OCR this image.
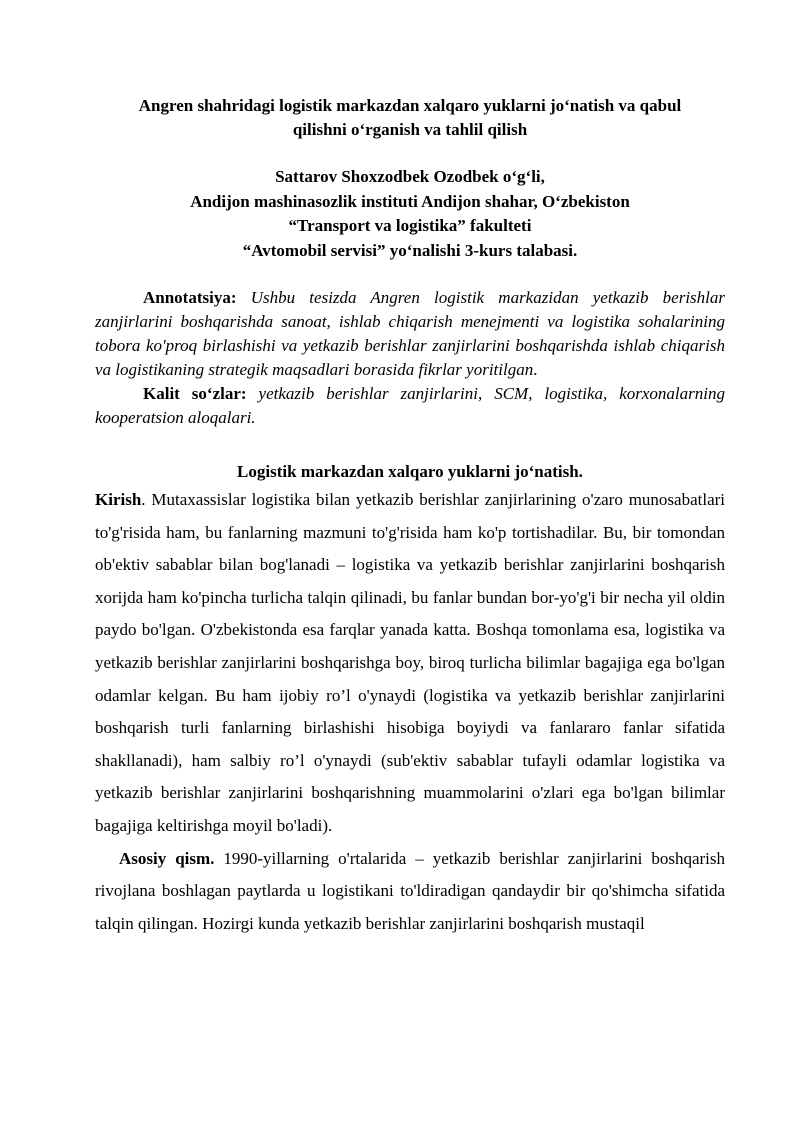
Angren shahridagi logistik markazdan xalqaro yuklarni jo‘natish va qabul
qilishni o‘rganish va tahlil qilish
Sattarov Shoxzodbek Ozodbek o‘g‘li,
Andijon mashinasozlik instituti Andijon shahar, O‘zbekiston
“Transport va logistika” fakulteti
“Avtomobil servisi” yo‘nalishi 3-kurs talabasi.

Annotatsiya: Ushbu tesizda Angren logistik markazidan yetkazib berishlar zanjirlarini boshqarishda sanoat, ishlab chiqarish menejmenti va logistika sohalarining tobora ko'proq birlashishi va yetkazib berishlar zanjirlarini boshqarishda ishlab chiqarish va logistikaning strategik maqsadlari borasida fikrlar yoritilgan.

Kalit so‘zlar: yetkazib berishlar zanjirlarini, SCM, logistika, korxonalarning kooperatsion aloqalari.

Logistik markazdan xalqaro yuklarni jo‘natish.

Kirish. Mutaxassislar logistika bilan yetkazib berishlar zanjirlarining o'zaro munosabatlari to'g'risida ham, bu fanlarning mazmuni to'g'risida ham ko'p tortishadilar. Bu, bir tomondan ob'ektiv sabablar bilan bog'lanadi – logistika va yetkazib berishlar zanjirlarini boshqarish xorijda ham ko'pincha turlicha talqin qilinadi, bu fanlar bundan bor-yo'g'i bir necha yil oldin paydo bo'lgan. O'zbekistonda esa farqlar yanada katta. Boshqa tomonlama esa, logistika va yetkazib berishlar zanjirlarini boshqarishga boy, biroq turlicha bilimlar bagajiga ega bo'lgan odamlar kelgan. Bu ham ijobiy ro’l o'ynaydi (logistika va yetkazib berishlar zanjirlarini boshqarish turli fanlarning birlashishi hisobiga boyiydi va fanlararo fanlar sifatida shakllanadi), ham salbiy ro’l o'ynaydi (sub'ektiv sabablar tufayli odamlar logistika va yetkazib berishlar zanjirlarini boshqarishning muammolarini o'zlari ega bo'lgan bilimlar bagajiga keltirishga moyil bo'ladi).

Asosiy qism. 1990-yillarning o'rtalarida – yetkazib berishlar zanjirlarini boshqarish rivojlana boshlagan paytlarda u logistikani to'ldiradigan qandaydir bir qo'shimcha sifatida talqin qilingan. Hozirgi kunda yetkazib berishlar zanjirlarini boshqarish mustaqil
